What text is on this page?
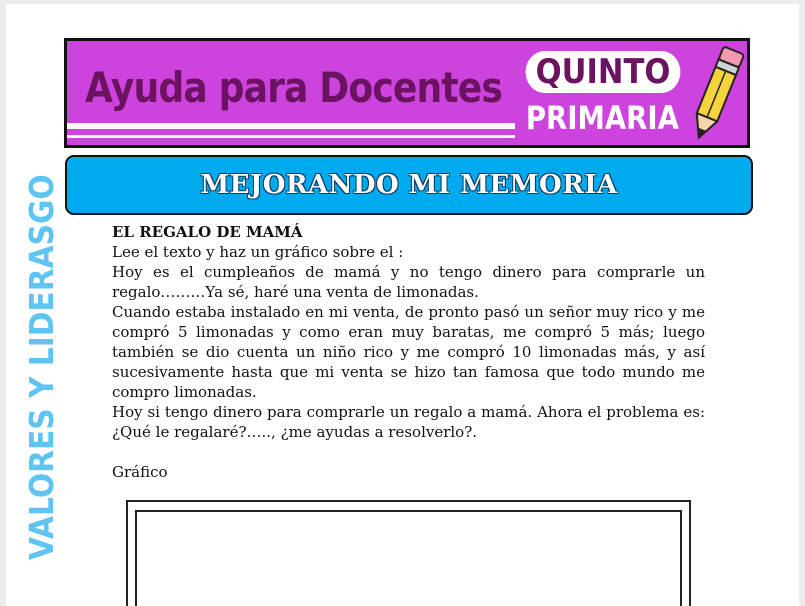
Ayuda para Docentes QUINTO
PRIMARIA
MEJORANDO MI MEMORIA
VALORES Y LIDERASGO	EL REGALO DE MAMÁ

Lee el texto y haz un gráfico sobre el :

Hoy es el cumpleaños de mamá y no tengo dinero para comprarle un regalo………Ya sé, haré una venta de limonadas.

Cuando estaba instalado en mi venta, de pronto pasó un señor muy rico y me compró 5 limonadas y como eran muy baratas, me compró 5 más; luego también se dio cuenta un niño rico y me compró 10 limonadas más, y así sucesivamente hasta que mi venta se hizo tan famosa que todo mundo me compro limonadas.

Hoy si tengo dinero para comprarle un regalo a mamá. Ahora el problema es: ¿Qué le regalaré?….., ¿me ayudas a resolverlo?.

Gráfico
